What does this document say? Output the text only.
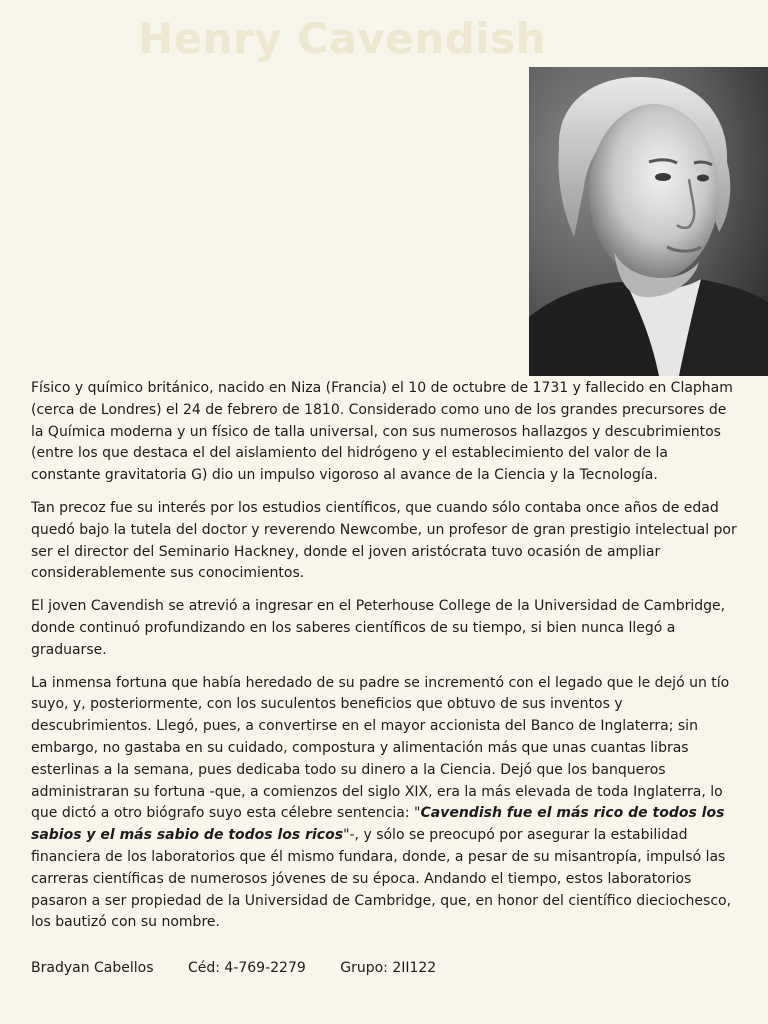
Henry Cavendish

Físico y químico británico, nacido en Niza (Francia) el 10 de octubre de 1731 y fallecido en Clapham (cerca de Londres) el 24 de febrero de 1810. Considerado como uno de los grandes precursores de la Química moderna y un físico de talla universal, con sus numerosos hallazgos y descubrimientos (entre los que destaca el del aislamiento del hidrógeno y el establecimiento del valor de la constante gravitatoria G) dio un impulso vigoroso al avance de la Ciencia y la Tecnología.

Tan precoz fue su interés por los estudios científicos, que cuando sólo contaba once años de edad quedó bajo la tutela del doctor y reverendo Newcombe, un profesor de gran prestigio intelectual por ser el director del Seminario Hackney, donde el joven aristócrata tuvo ocasión de ampliar considerablemente sus conocimientos.

El joven Cavendish se atrevió a ingresar en el Peterhouse College de la Universidad de Cambridge, donde continuó profundizando en los saberes científicos de su tiempo, si bien nunca llegó a graduarse.

La inmensa fortuna que había heredado de su padre se incrementó con el legado que le dejó un tío suyo, y, posteriormente, con los suculentos beneficios que obtuvo de sus inventos y descubrimientos. Llegó, pues, a convertirse en el mayor accionista del Banco de Inglaterra; sin embargo, no gastaba en su cuidado, compostura y alimentación más que unas cuantas libras esterlinas a la semana, pues dedicaba todo su dinero a la Ciencia. Dejó que los banqueros administraran su fortuna -que, a comienzos del siglo XIX, era la más elevada de toda Inglaterra, lo que dictó a otro biógrafo suyo esta célebre sentencia: "Cavendish fue el más rico de todos los sabios y el más sabio de todos los ricos"-, y sólo se preocupó por asegurar la estabilidad financiera de los laboratorios que él mismo fundara, donde, a pesar de su misantropía, impulsó las carreras científicas de numerosos jóvenes de su época. Andando el tiempo, estos laboratorios pasaron a ser propiedad de la Universidad de Cambridge, que, en honor del científico dieciochesco, los bautizó con su nombre.

Bradyan Cabellos Céd: 4-769-2279 Grupo: 2II122
